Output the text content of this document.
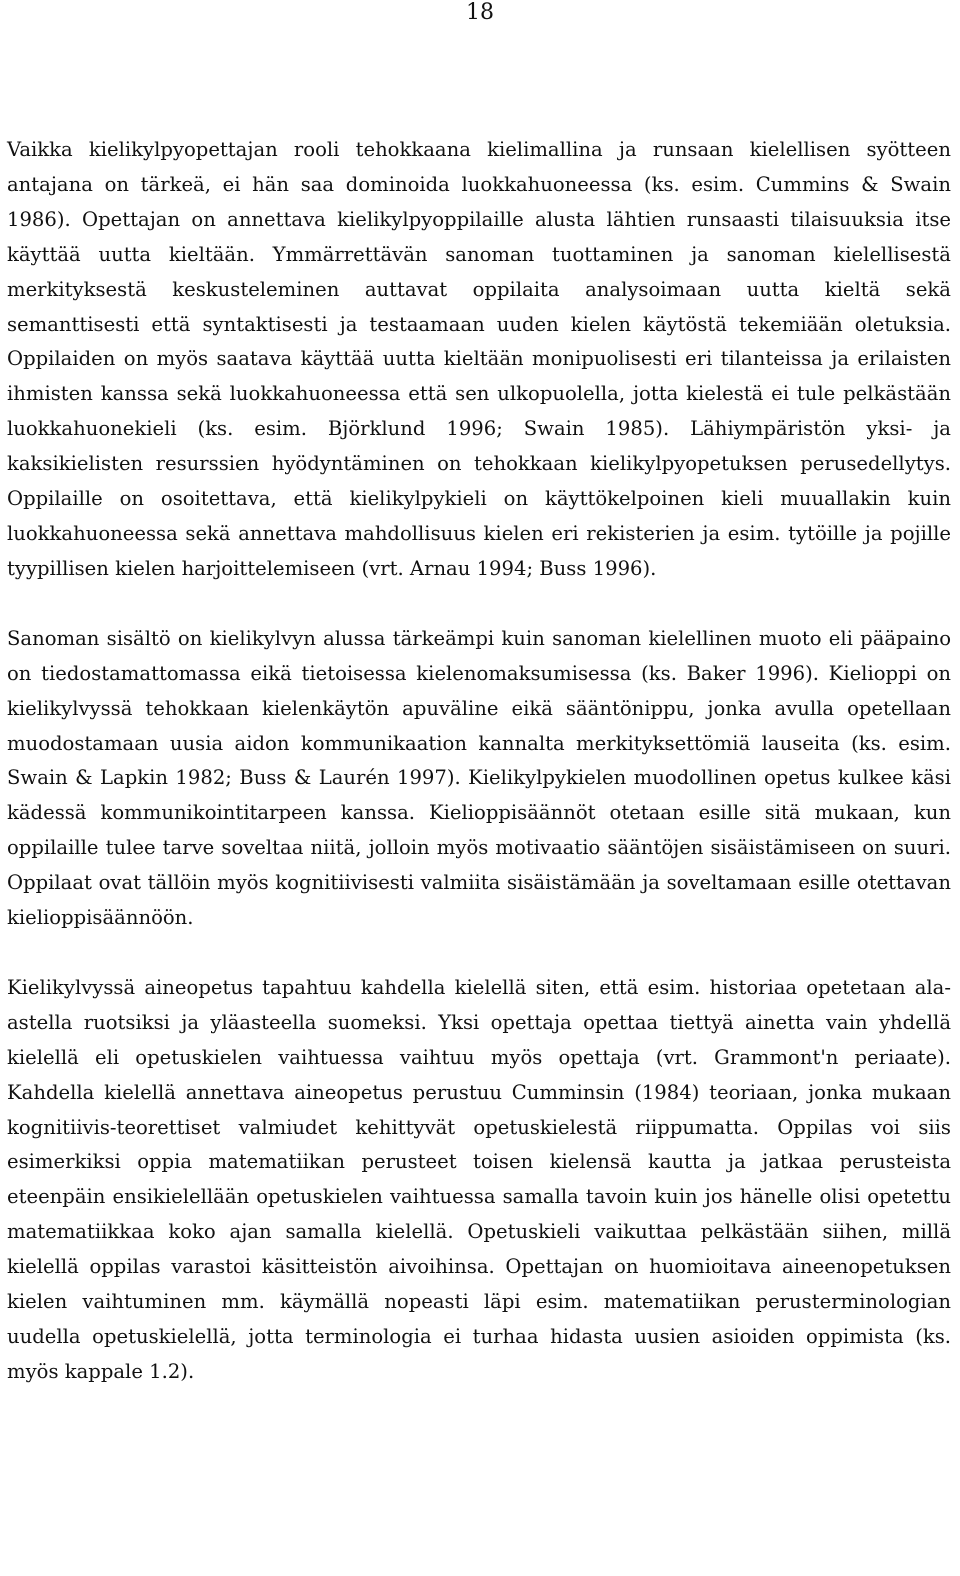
18

Vaikka kielikylpyopettajan rooli tehokkaana kielimallina ja runsaan kielellisen syötteen antajana on tärkeä, ei hän saa dominoida luokkahuoneessa (ks. esim. Cummins & Swain 1986). Opettajan on annettava kielikylpyoppilaille alusta lähtien runsaasti tilaisuuksia itse käyttää uutta kieltään. Ymmärrettävän sanoman tuottaminen ja sanoman kielellisestä merkityksestä keskusteleminen auttavat oppilaita analysoimaan uutta kieltä sekä semanttisesti että syntaktisesti ja testaamaan uuden kielen käytöstä tekemiään oletuksia. Oppilaiden on myös saatava käyttää uutta kieltään monipuolisesti eri tilanteissa ja erilaisten ihmisten kanssa sekä luokkahuoneessa että sen ulkopuolella, jotta kielestä ei tule pelkästään luokkahuonekieli (ks. esim. Björklund 1996; Swain 1985). Lähiympäristön yksi- ja kaksikielisten resurssien hyödyntäminen on tehokkaan kielikylpyopetuksen perusedellytys. Oppilaille on osoitettava, että kielikylpykieli on käyttökelpoinen kieli muuallakin kuin luokkahuoneessa sekä annettava mahdollisuus kielen eri rekisterien ja esim. tytöille ja pojille tyypillisen kielen harjoittelemiseen (vrt. Arnau 1994; Buss 1996).

Sanoman sisältö on kielikylvyn alussa tärkeämpi kuin sanoman kielellinen muoto eli pääpaino on tiedostamattomassa eikä tietoisessa kielenomaksumisessa (ks. Baker 1996). Kielioppi on kielikylvyssä tehokkaan kielenkäytön apuväline eikä sääntönippu, jonka avulla opetellaan muodostamaan uusia aidon kommunikaation kannalta merkityksettömiä lauseita (ks. esim. Swain & Lapkin 1982; Buss & Laurén 1997). Kielikylpykielen muodollinen opetus kulkee käsi kädessä kommunikointitarpeen kanssa. Kielioppisäännöt otetaan esille sitä mukaan, kun oppilaille tulee tarve soveltaa niitä, jolloin myös motivaatio sääntöjen sisäistämiseen on suuri. Oppilaat ovat tällöin myös kognitiivisesti valmiita sisäistämään ja soveltamaan esille otettavan kielioppisäännöön.

Kielikylvyssä aineopetus tapahtuu kahdella kielellä siten, että esim. historiaa opetetaan ala-astella ruotsiksi ja yläasteella suomeksi. Yksi opettaja opettaa tiettyä ainetta vain yhdellä kielellä eli opetuskielen vaihtuessa vaihtuu myös opettaja (vrt. Grammont'n periaate). Kahdella kielellä annettava aineopetus perustuu Cumminsin (1984) teoriaan, jonka mukaan kognitiivis-teorettiset valmiudet kehittyvät opetuskielestä riippumatta. Oppilas voi siis esimerkiksi oppia matematiikan perusteet toisen kielensä kautta ja jatkaa perusteista eteenpäin ensikielellään opetuskielen vaihtuessa samalla tavoin kuin jos hänelle olisi opetettu matematiikkaa koko ajan samalla kielellä. Opetuskieli vaikuttaa pelkästään siihen, millä kielellä oppilas varastoi käsitteistön aivoihinsa. Opettajan on huomioitava aineenopetuksen kielen vaihtuminen mm. käymällä nopeasti läpi esim. matematiikan perusterminologian uudella opetuskielellä, jotta terminologia ei turhaa hidasta uusien asioiden oppimista (ks. myös kappale 1.2).
